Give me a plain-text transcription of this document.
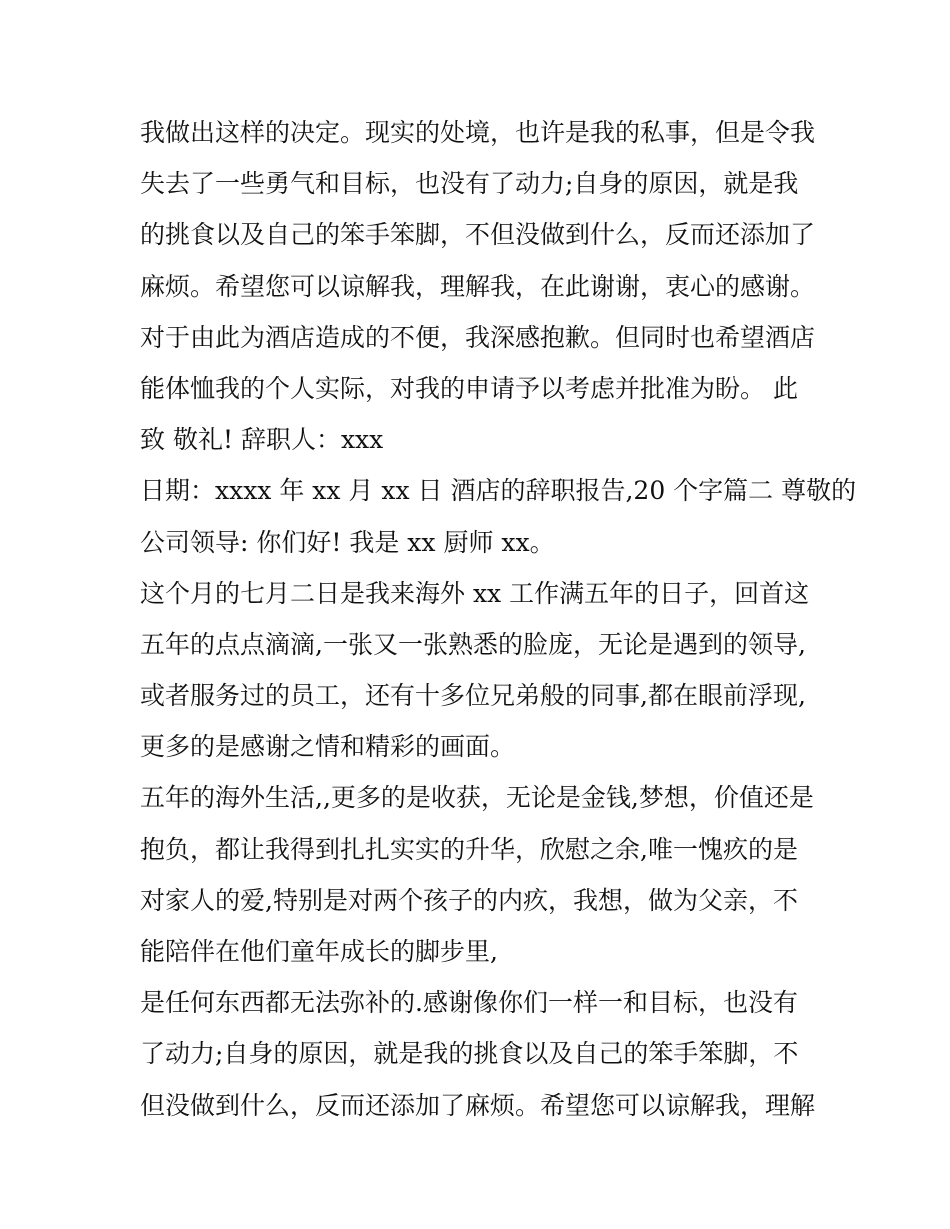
我做出这样的决定。现实的处境，也许是我的私事，但是令我
失去了一些勇气和目标，也没有了动力;自身的原因，就是我
的挑食以及自己的笨手笨脚，不但没做到什么，反而还添加了
麻烦。希望您可以谅解我，理解我，在此谢谢，衷心的感谢。
对于由此为酒店造成的不便，我深感抱歉。但同时也希望酒店
能体恤我的个人实际，对我的申请予以考虑并批准为盼。 此
致 敬礼! 辞职人：xxx
日期：xxxx 年 xx 月 xx 日 酒店的辞职报告,20 个字篇二 尊敬的
公司领导: 你们好! 我是 xx 厨师 xx。
这个月的七月二日是我来海外 xx 工作满五年的日子，回首这
五年的点点滴滴,一张又一张熟悉的脸庞，无论是遇到的领导,
或者服务过的员工，还有十多位兄弟般的同事,都在眼前浮现,
更多的是感谢之情和精彩的画面。
五年的海外生活,,更多的是收获，无论是金钱,梦想，价值还是
抱负，都让我得到扎扎实实的升华，欣慰之余,唯一愧疚的是
对家人的爱,特别是对两个孩子的内疚，我想，做为父亲，不
能陪伴在他们童年成长的脚步里,
是任何东西都无法弥补的.感谢像你们一样一和目标，也没有
了动力;自身的原因，就是我的挑食以及自己的笨手笨脚，不
但没做到什么，反而还添加了麻烦。希望您可以谅解我，理解
